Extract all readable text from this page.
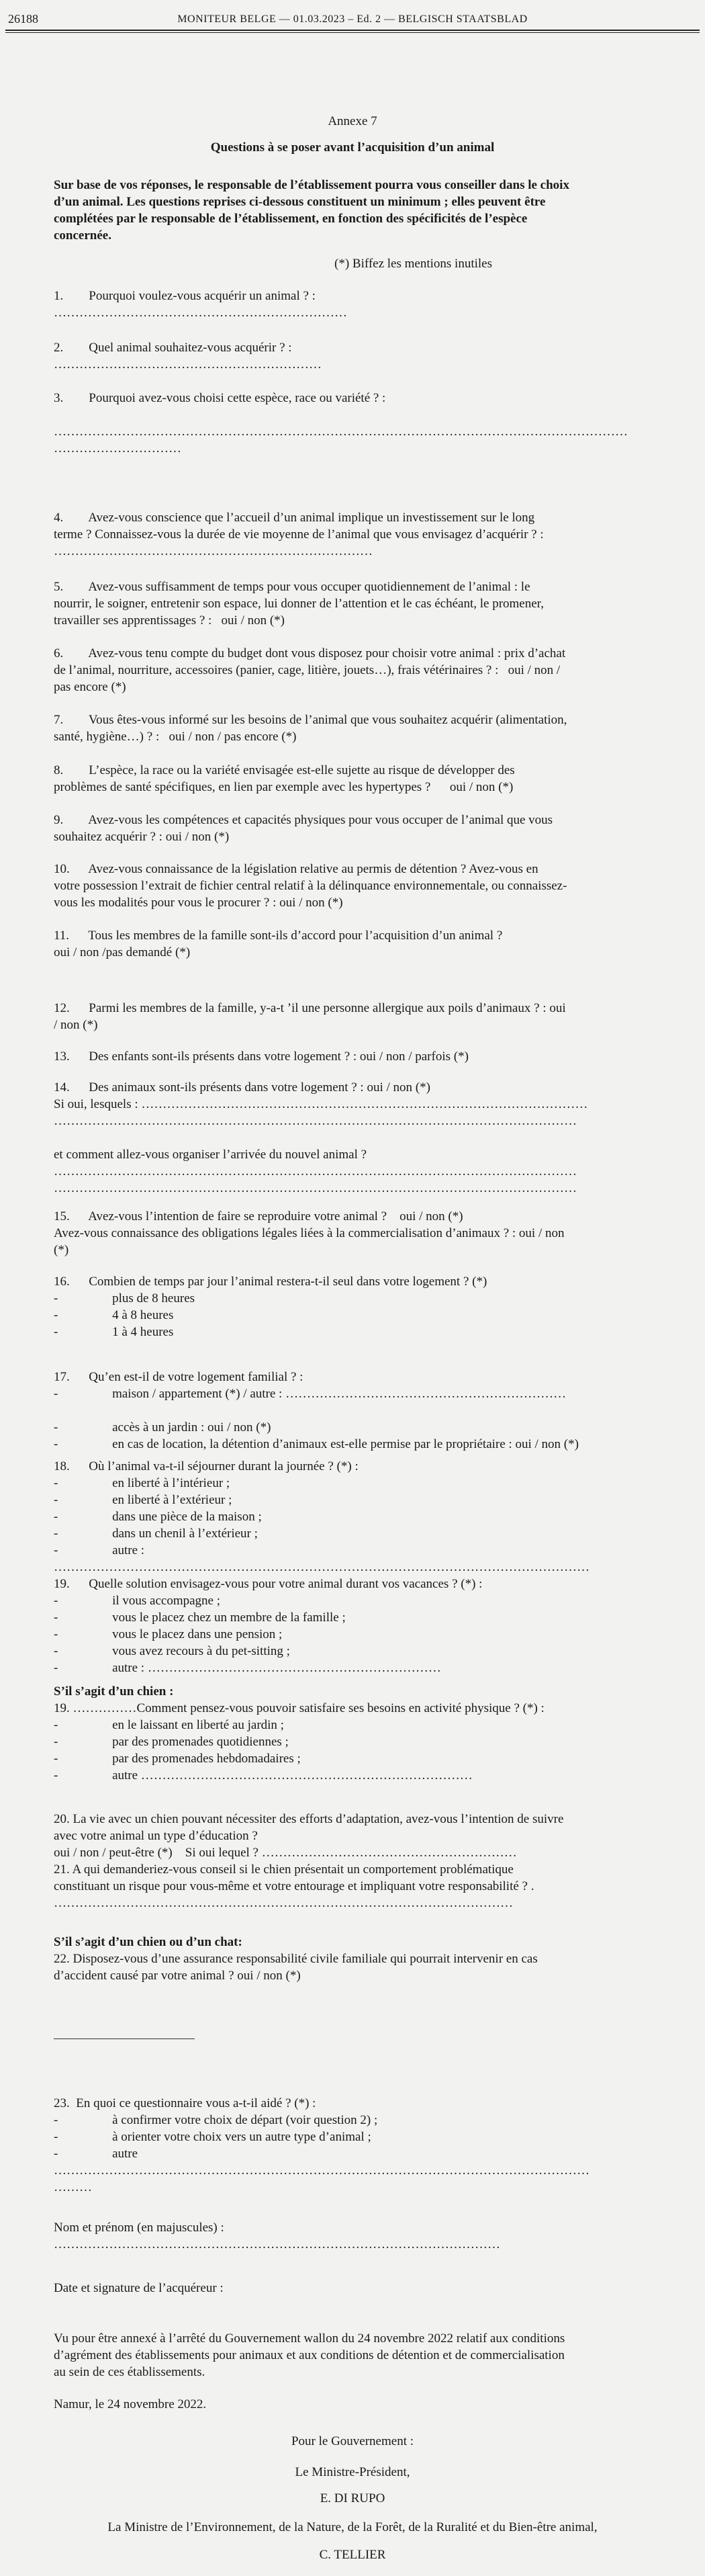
26188	MONITEUR BELGE — 01.03.2023 – Ed. 2 — BELGISCH STAATSBLAD
Annexe 7
Questions à se poser avant l’acquisition d’un animal

Sur base de vos réponses, le responsable de l’établissement pourra vous conseiller dans le choix
d’un animal. Les questions reprises ci-dessous constituent un minimum ; elles peuvent être
complétées par le responsable de l’établissement, en fonction des spécificités de l’espèce
concernée.

(*) Biffez les mentions inutiles

1.        Pourquoi voulez-vous acquérir un animal ? :
……………………………………………………………

2.        Quel animal souhaitez-vous acquérir ? :
………………………………………………………

3.        Pourquoi avez-vous choisi cette espèce, race ou variété ? :

………………………………………………………………………………………………………………………
…………………………

4.        Avez-vous conscience que l’accueil d’un animal implique un investissement sur le long
terme ? Connaissez-vous la durée de vie moyenne de l’animal que vous envisagez d’acquérir ? :
…………………………………………………………………

5.        Avez-vous suffisamment de temps pour vous occuper quotidiennement de l’animal : le
nourrir, le soigner, entretenir son espace, lui donner de l’attention et le cas échéant, le promener,
travailler ses apprentissages ? :   oui / non (*)

6.        Avez-vous tenu compte du budget dont vous disposez pour choisir votre animal : prix d’achat
de l’animal, nourriture, accessoires (panier, cage, litière, jouets…), frais vétérinaires ? :   oui / non /
pas encore (*)

7.        Vous êtes-vous informé sur les besoins de l’animal que vous souhaitez acquérir (alimentation,
santé, hygiène…) ? :   oui / non / pas encore (*)

8.        L’espèce, la race ou la variété envisagée est-elle sujette au risque de développer des
problèmes de santé spécifiques, en lien par exemple avec les hypertypes ?      oui / non (*)

9.        Avez-vous les compétences et capacités physiques pour vous occuper de l’animal que vous
souhaitez acquérir ? : oui / non (*)

10.      Avez-vous connaissance de la législation relative au permis de détention ? Avez-vous en
votre possession l’extrait de fichier central relatif à la délinquance environnementale, ou connaissez-
vous les modalités pour vous le procurer ? : oui / non (*)

11.      Tous les membres de la famille sont-ils d’accord pour l’acquisition d’un animal ?
oui / non /pas demandé (*)

12.      Parmi les membres de la famille, y-a-t ’il une personne allergique aux poils d’animaux ? : oui
/ non (*)

13.      Des enfants sont-ils présents dans votre logement ? : oui / non / parfois (*)

14.      Des animaux sont-ils présents dans votre logement ? : oui / non (*)
Si oui, lesquels : ……………………………………………………………………………………………
……………………………………………………………………………………………………………

et comment allez-vous organiser l’arrivée du nouvel animal ?
……………………………………………………………………………………………………………
……………………………………………………………………………………………………………

15.      Avez-vous l’intention de faire se reproduire votre animal ?    oui / non (*)
Avez-vous connaissance des obligations légales liées à la commercialisation d’animaux ? : oui / non
(*)

16.      Combien de temps par jour l’animal restera-t-il seul dans votre logement ? (*)
-                 plus de 8 heures
-                 4 à 8 heures
-                 1 à 4 heures

17.      Qu’en est-il de votre logement familial ? :
-                 maison / appartement (*) / autre : …………………………………………………………

-                 accès à un jardin : oui / non (*)
-                 en cas de location, la détention d’animaux est-elle permise par le propriétaire : oui / non (*)

18.      Où l’animal va-t-il séjourner durant la journée ? (*) :
-                 en liberté à l’intérieur ;
-                 en liberté à l’extérieur ;
-                 dans une pièce de la maison ;
-                 dans un chenil à l’extérieur ;
-                 autre :
………………………………………………………………………………………………………………

19.      Quelle solution envisagez-vous pour votre animal durant vos vacances ? (*) :
-                 il vous accompagne ;
-                 vous le placez chez un membre de la famille ;
-                 vous le placez dans une pension ;
-                 vous avez recours à du pet-sitting ;
-                 autre : ……………………………………………………………

S’il s’agit d’un chien :

19. ……………Comment pensez-vous pouvoir satisfaire ses besoins en activité physique ? (*) :
-                 en le laissant en liberté au jardin ;
-                 par des promenades quotidiennes ;
-                 par des promenades hebdomadaires ;
-                 autre ……………………………………………………………………

20. La vie avec un chien pouvant nécessiter des efforts d’adaptation, avez-vous l’intention de suivre
avec votre animal un type d’éducation ?
oui / non / peut-être (*)    Si oui lequel ? ……………………………………………………
21. A qui demanderiez-vous conseil si le chien présentait un comportement problématique
constituant un risque pour vous-même et votre entourage et impliquant votre responsabilité ? .
………………………………………………………………………………………………

S’il s’agit d’un chien ou d’un chat:

22. Disposez-vous d’une assurance responsabilité civile familiale qui pourrait intervenir en cas
d’accident causé par votre animal ? oui / non (*)

23.  En quoi ce questionnaire vous a-t-il aidé ? (*) :
-                 à confirmer votre choix de départ (voir question 2) ;
-                 à orienter votre choix vers un autre type d’animal ;
-                 autre
………………………………………………………………………………………………………………
………

Nom et prénom (en majuscules) :
……………………………………………………………………………………………

Date et signature de l’acquéreur :

Vu pour être annexé à l’arrêté du Gouvernement wallon du 24 novembre 2022 relatif aux conditions
d’agrément des établissements pour animaux et aux conditions de détention et de commercialisation
au sein de ces établissements.

Namur, le 24 novembre 2022.
Pour le Gouvernement :
Le Ministre-Président,
E. DI RUPO
La Ministre de l’Environnement, de la Nature, de la Forêt, de la Ruralité et du Bien-être animal,
C. TELLIER
